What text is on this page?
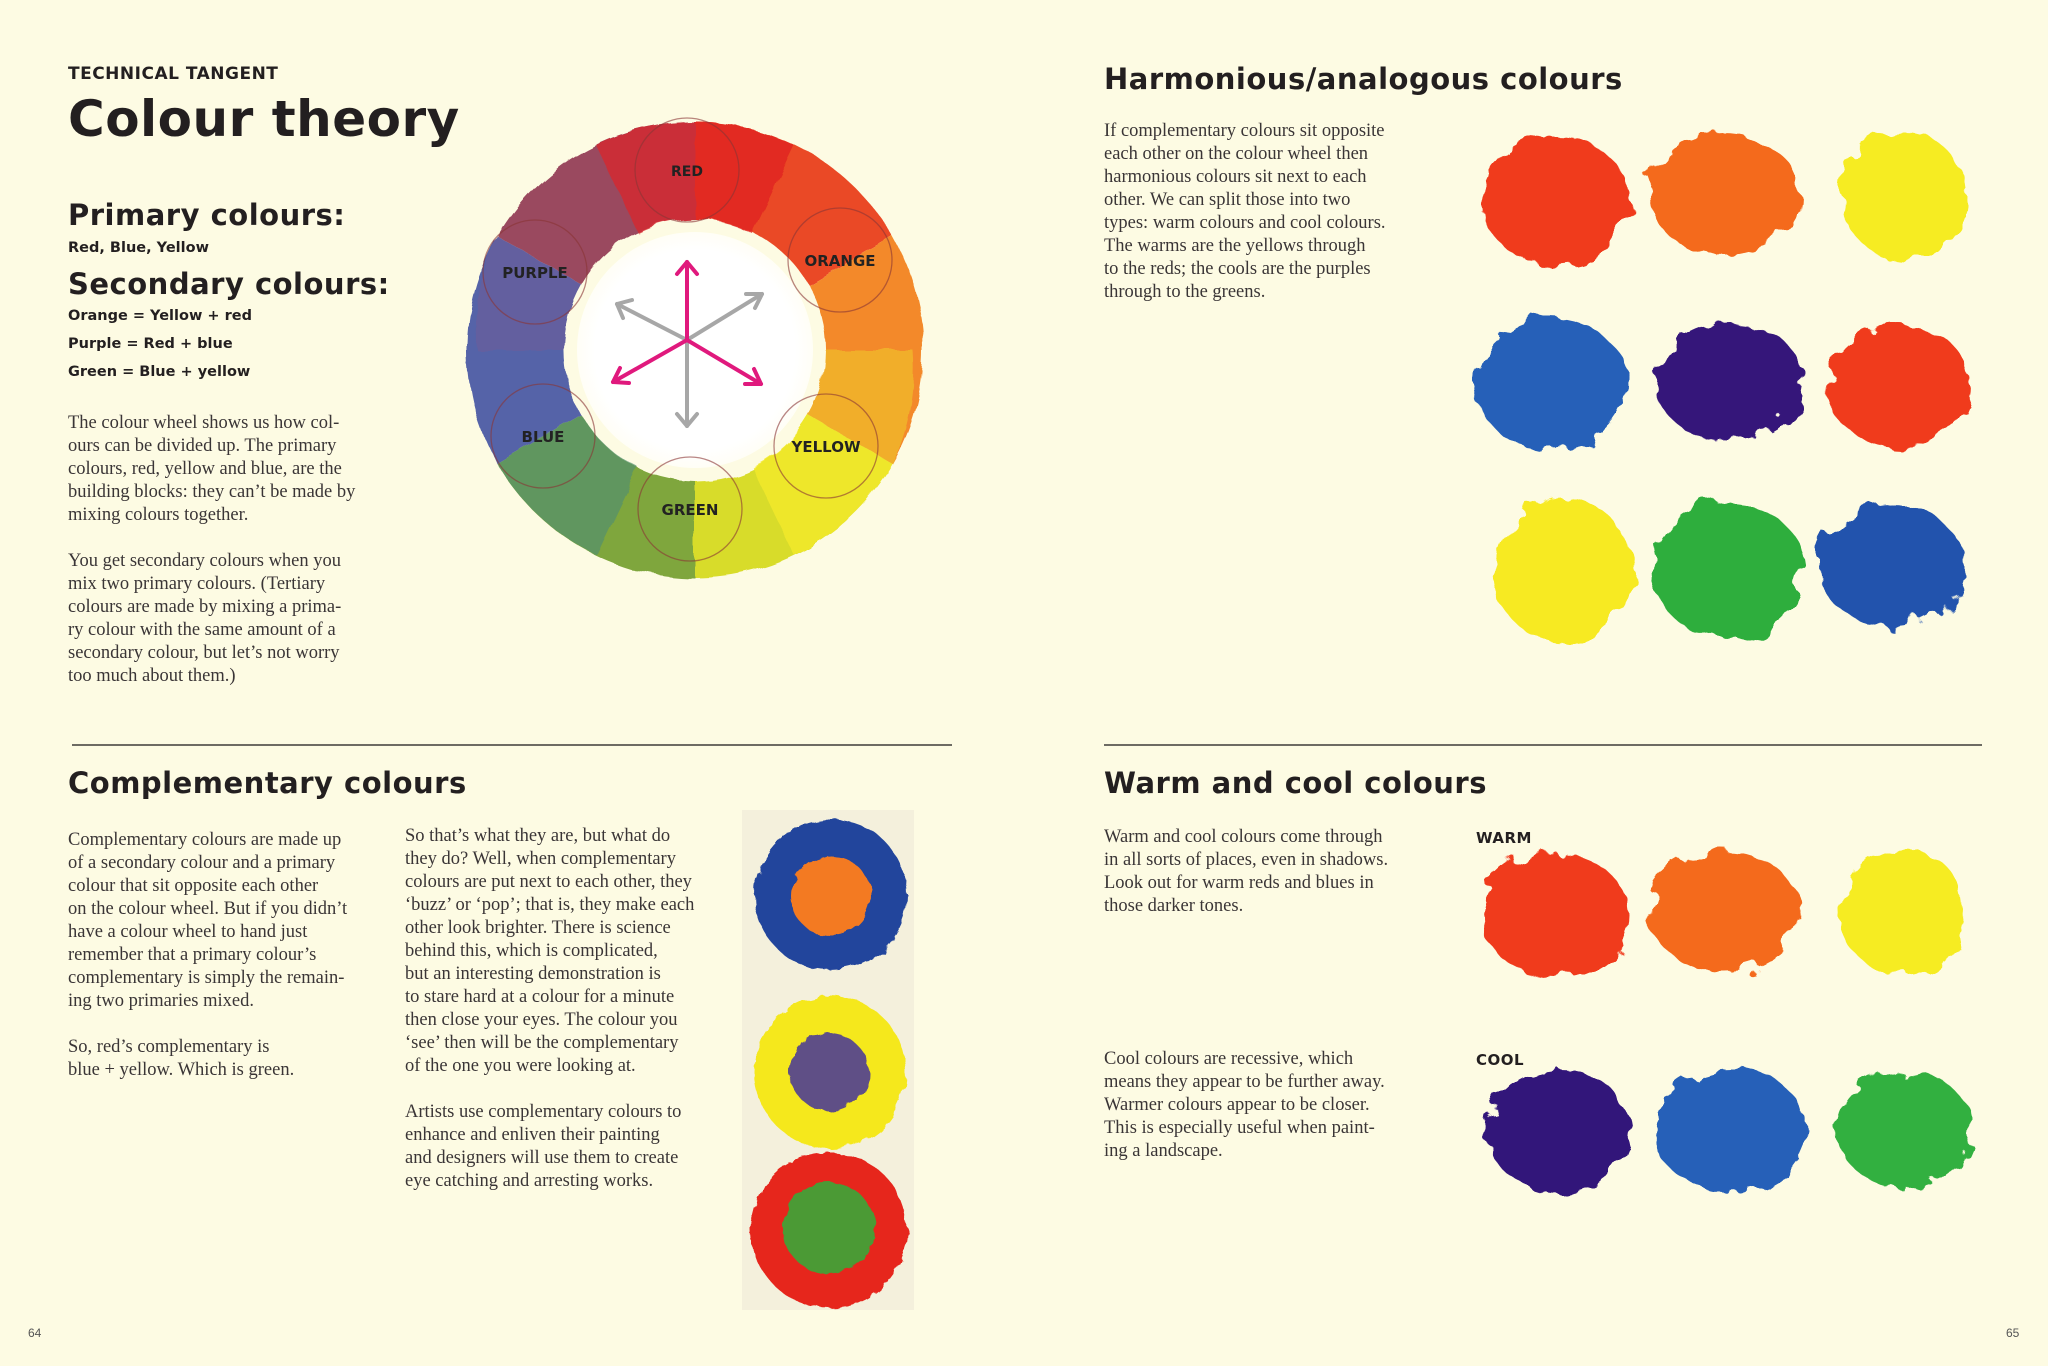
TECHNICAL TANGENT
Colour theory
Primary colours:
Red, Blue, Yellow
Secondary colours:
Orange = Yellow + red
Purple = Red + blue
Green = Blue + yellow

The colour wheel shows us how col-
ours can be divided up. The primary
colours, red, yellow and blue, are the
building blocks: they can’t be made by
mixing colours together.

You get secondary colours when you
mix two primary colours. (Tertiary
colours are made by mixing a prima-
ry colour with the same amount of a
secondary colour, but let’s not worry
too much about them.)

RED
ORANGE
YELLOW
GREEN
BLUE
PURPLE
Complementary colours

Complementary colours are made up
of a secondary colour and a primary
colour that sit opposite each other
on the colour wheel. But if you didn’t
have a colour wheel to hand just
remember that a primary colour’s
complementary is simply the remain-
ing two primaries mixed.

So, red’s complementary is
blue + yellow. Which is green.

So that’s what they are, but what do
they do? Well, when complementary
colours are put next to each other, they
‘buzz’ or ‘pop’; that is, they make each
other look brighter. There is science
behind this, which is complicated,
but an interesting demonstration is
to stare hard at a colour for a minute
then close your eyes. The colour you
‘see’ then will be the complementary
of the one you were looking at.

Artists use complementary colours to
enhance and enliven their painting
and designers will use them to create
eye catching and arresting works.

64
Harmonious/analogous colours
If complementary colours sit opposite
each other on the colour wheel then
harmonious colours sit next to each
other. We can split those into two
types: warm colours and cool colours.
The warms are the yellows through
to the reds; the cools are the purples
through to the greens.
Warm and cool colours
Warm and cool colours come through
in all sorts of places, even in shadows.
Look out for warm reds and blues in
those darker tones.
Cool colours are recessive, which
means they appear to be further away.
Warmer colours appear to be closer.
This is especially useful when paint-
ing a landscape.
WARM
COOL
65
